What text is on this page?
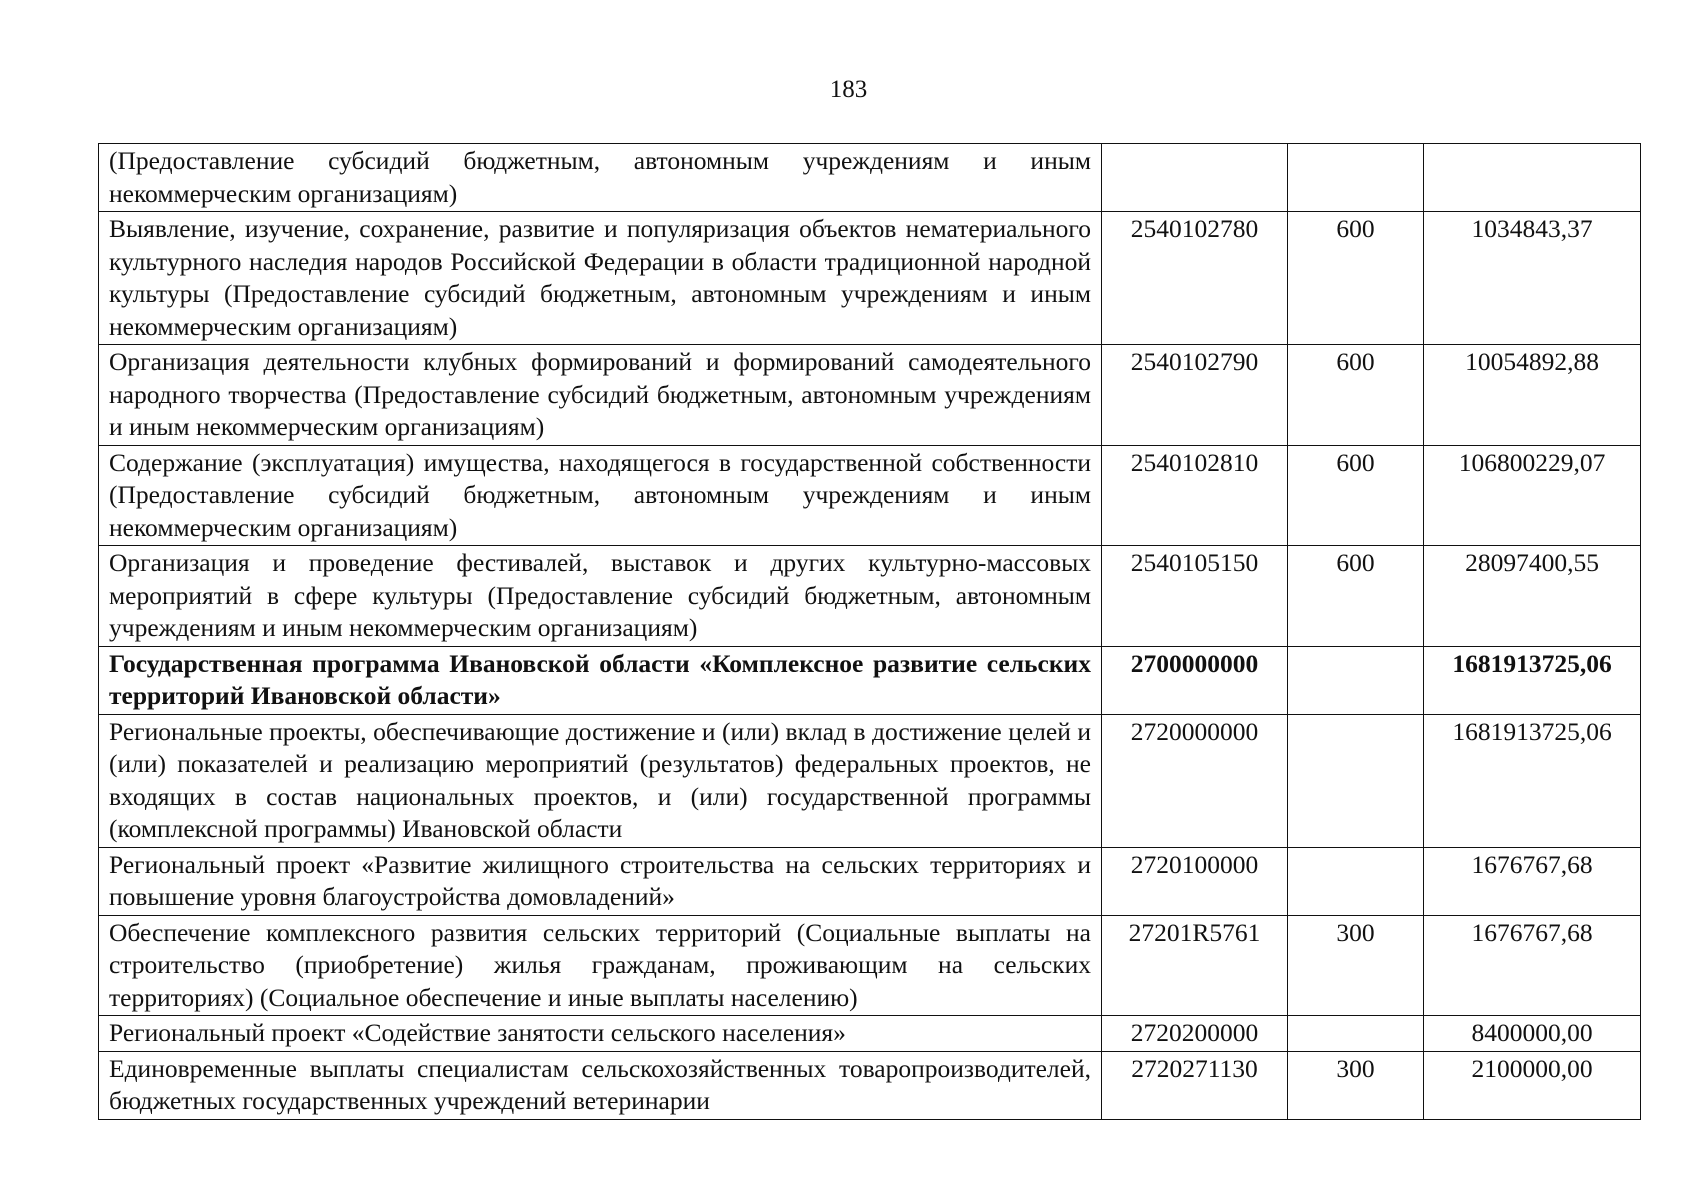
183
(Предоставление субсидий бюджетным, автономным учреждениям и иным некоммерческим организациям)			
Выявление, изучение, сохранение, развитие и популяризация объектов нематериального культурного наследия народов Российской Федерации в области традиционной народной культуры (Предоставление субсидий бюджетным, автономным учреждениям и иным некоммерческим организациям)	2540102780	600	1034843,37
Организация деятельности клубных формирований и формирований самодеятельного народного творчества (Предоставление субсидий бюджетным, автономным учреждениям и иным некоммерческим организациям)	2540102790	600	10054892,88
Содержание (эксплуатация) имущества, находящегося в государственной собственности (Предоставление субсидий бюджетным, автономным учреждениям и иным некоммерческим организациям)	2540102810	600	106800229,07
Организация и проведение фестивалей, выставок и других культурно-массовых мероприятий в сфере культуры (Предоставление субсидий бюджетным, автономным учреждениям и иным некоммерческим организациям)	2540105150	600	28097400,55
Государственная программа Ивановской области «Комплексное развитие сельских территорий Ивановской области»	2700000000		1681913725,06
Региональные проекты, обеспечивающие достижение и (или) вклад в достижение целей и (или) показателей и реализацию мероприятий (результатов) федеральных проектов, не входящих в состав национальных проектов, и (или) государственной программы (комплексной программы) Ивановской области	2720000000		1681913725,06
Региональный проект «Развитие жилищного строительства на сельских территориях и повышение уровня благоустройства домовладений»	2720100000		1676767,68
Обеспечение комплексного развития сельских территорий (Социальные выплаты на строительство (приобретение) жилья гражданам, проживающим на сельских территориях) (Социальное обеспечение и иные выплаты населению)	27201R5761	300	1676767,68
Региональный проект «Содействие занятости сельского населения»	2720200000		8400000,00
Единовременные выплаты специалистам сельскохозяйственных товаропроизводителей, бюджетных государственных учреждений ветеринарии	2720271130	300	2100000,00
